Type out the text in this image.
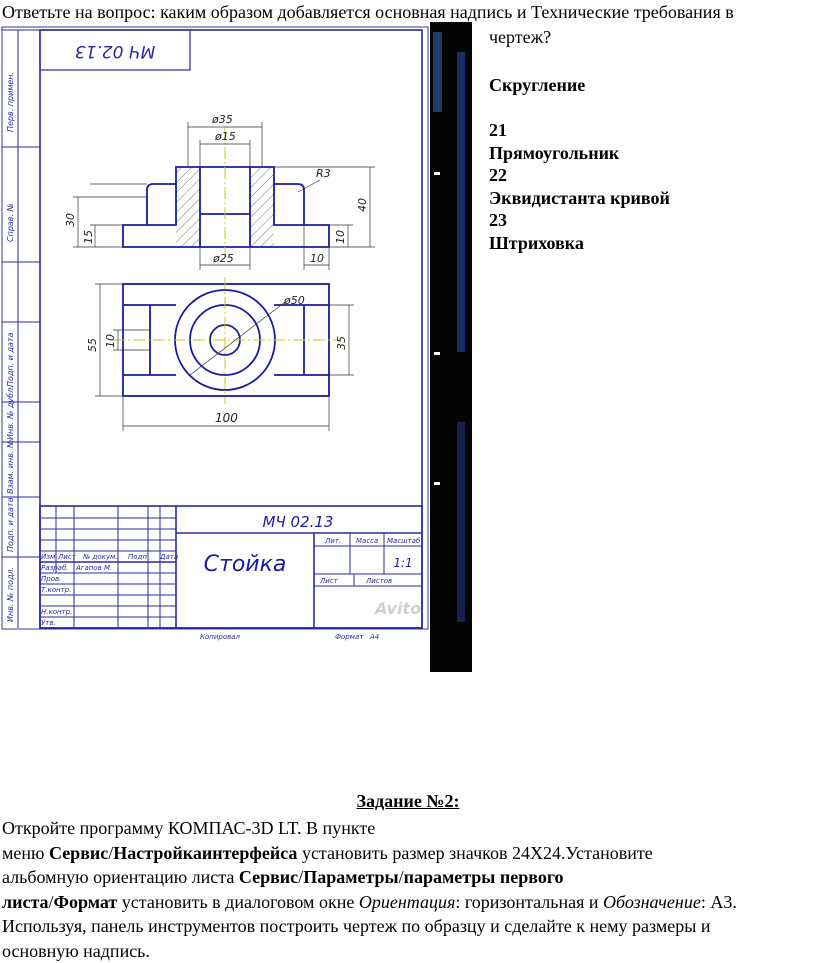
Ответьте на вопрос: каким образом добавляется основная надпись и Технические требования в
чертеж?
Скругление

21
Прямоугольник
22
Эквидистанта кривой
23
Штриховка
Перв. примен.
Справ. №
Подп. и дата
Инв. № дубл.
Взам. инв. №
Подп. и дата
Инв. № подл.
МЧ 02.13
ø35
ø15
R3
30
15
40
10
ø25	10
ø50
55 10	35
100
МЧ 02.13
Стойка
Изм Лист № докум. Подп. Дата
Разраб. Агапов М.
Пров.
Т.контр.
Н.контр.
Утв.
Лит. Масса Масштаб
Лист	Листов
Копировал	Формат А4
1:1
Avito
Задание №2:
Откройте программу КОМПАС-3D LT. В пункте
меню Сервис/Настройкаинтерфейса установить размер значков 24X24.Установите
альбомную ориентацию листа Сервис/Параметры/параметры первого
листа/Формат установить в диалоговом окне Ориентация: горизонтальная и Обозначение: А3.
Используя, панель инструментов построить чертеж по образцу и сделайте к нему размеры и
основную надпись.
